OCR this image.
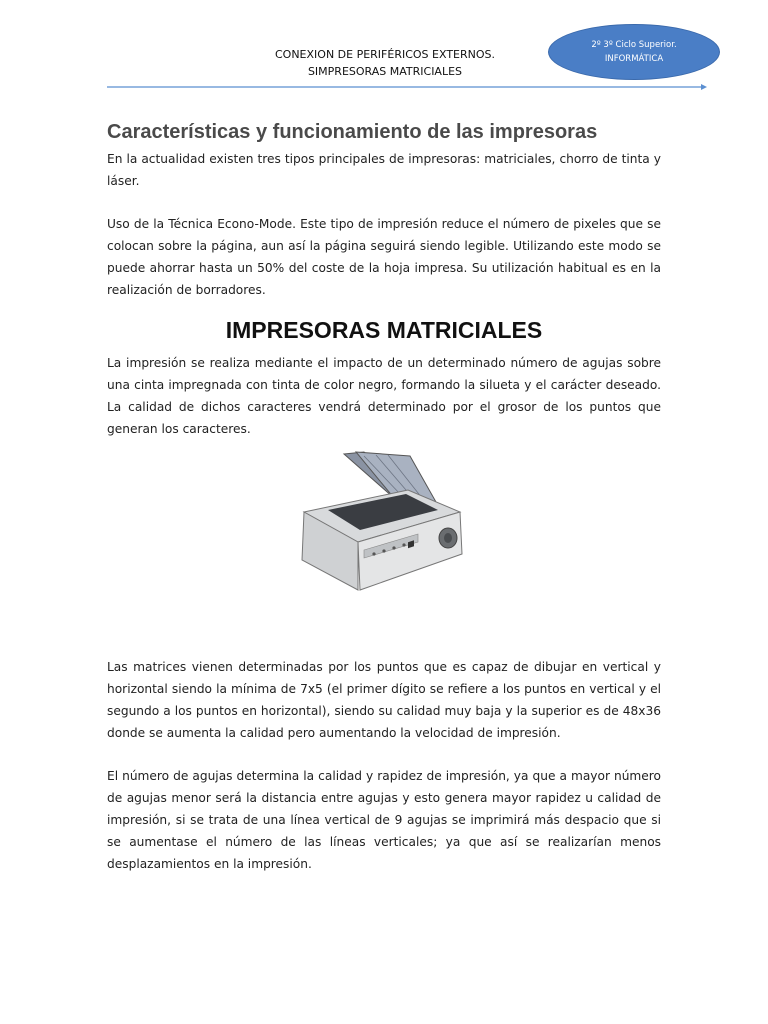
CONEXION DE PERIFÉRICOS EXTERNOS.
SIMPRESORAS MATRICIALES
2º 3º Ciclo Superior.
INFORMÁTICA
Características y funcionamiento de las impresoras

En la actualidad existen tres tipos principales de impresoras: matriciales, chorro de tinta y láser.

Uso de la Técnica Econo-Mode. Este tipo de impresión reduce el número de pixeles que se colocan sobre la página, aun así la página seguirá siendo legible. Utilizando este modo se puede ahorrar hasta un 50% del coste de la hoja impresa. Su utilización habitual es en la realización de borradores.

IMPRESORAS MATRICIALES

La impresión se realiza mediante el impacto de un determinado número de agujas sobre una cinta impregnada con tinta de color negro, formando la silueta y el carácter deseado. La calidad de dichos caracteres vendrá determinado por el grosor de los puntos que generan los caracteres.

Las matrices vienen determinadas por los puntos que es capaz de dibujar en vertical y horizontal siendo la mínima de 7x5 (el primer dígito se refiere a los puntos en vertical y el segundo a los puntos en horizontal), siendo su calidad muy baja y la superior es de 48x36 donde se aumenta la calidad pero aumentando la velocidad de impresión.

El número de agujas determina la calidad y rapidez de impresión, ya que a mayor número de agujas menor será la distancia entre agujas y esto genera mayor rapidez u calidad de impresión, si se trata de una línea vertical de 9 agujas se imprimirá más despacio que si se aumentase el número de las líneas verticales; ya que así se realizarían menos desplazamientos en la impresión.
